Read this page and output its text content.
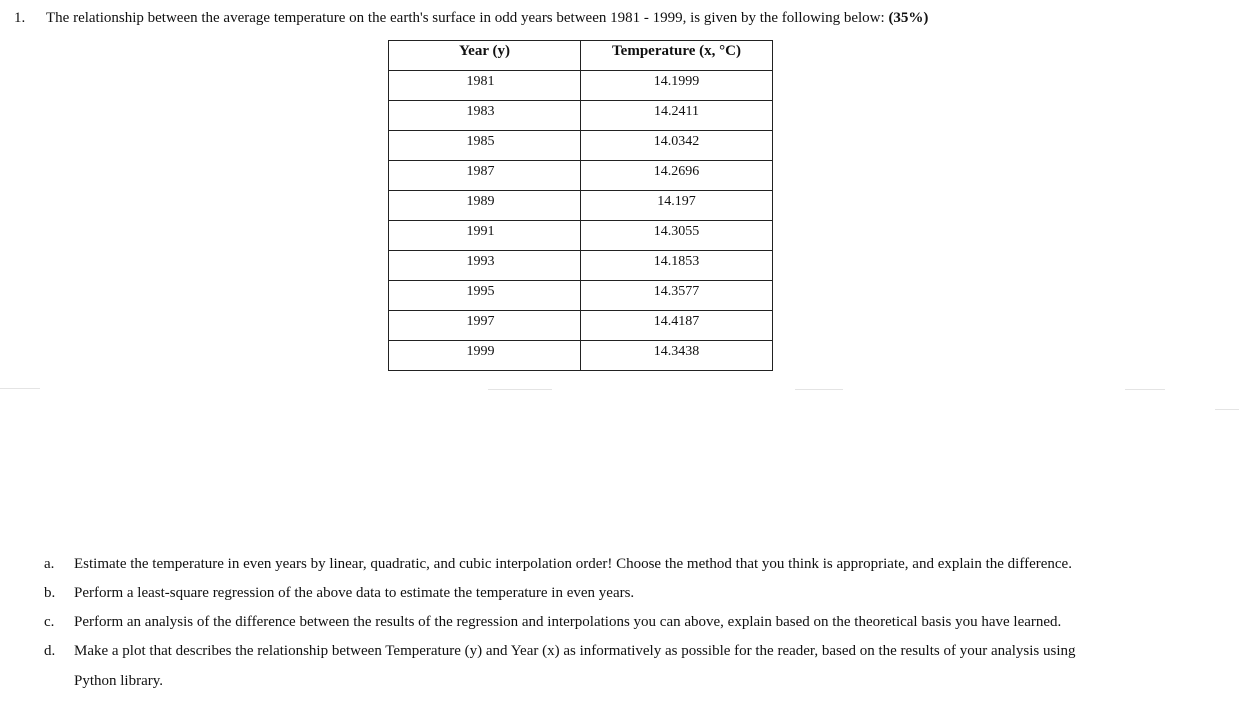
1. The relationship between the average temperature on the earth's surface in odd years between 1981 - 1999, is given by the following below: (35%)
Year (y)	Temperature (x, °C)
1981	14.1999
1983	14.2411
1985	14.0342
1987	14.2696
1989	14.197
1991	14.3055
1993	14.1853
1995	14.3577
1997	14.4187
1999	14.3438
a. Estimate the temperature in even years by linear, quadratic, and cubic interpolation order! Choose the method that you think is appropriate, and explain the difference.
b. Perform a least-square regression of the above data to estimate the temperature in even years.
c. Perform an analysis of the difference between the results of the regression and interpolations you can above, explain based on the theoretical basis you have learned.
d. Make a plot that describes the relationship between Temperature (y) and Year (x) as informatively as possible for the reader, based on the results of your analysis using
Python library.
